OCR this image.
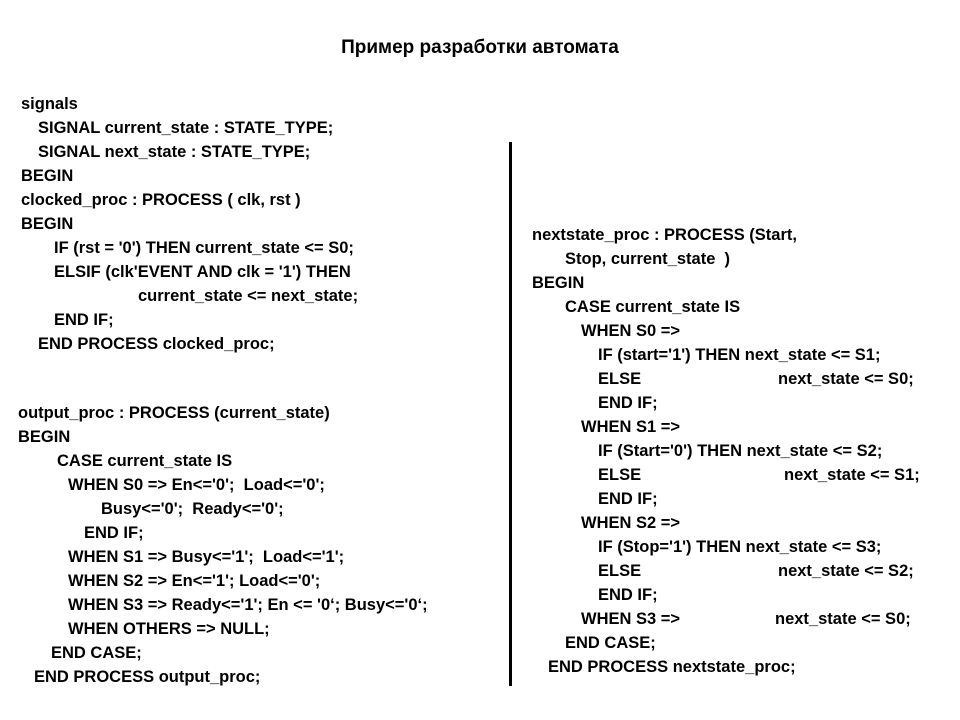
Пример разработки автомата
signals
SIGNAL current_state : STATE_TYPE;
SIGNAL next_state : STATE_TYPE;
BEGIN
clocked_proc : PROCESS ( clk, rst )
BEGIN
IF (rst = '0') THEN current_state <= S0;
ELSIF (clk'EVENT AND clk = '1') THEN
current_state <= next_state;
END IF;
END PROCESS clocked_proc;
output_proc : PROCESS (current_state)
BEGIN
CASE current_state IS
WHEN S0 => En<='0';  Load<='0';
Busy<='0';  Ready<='0';
END IF;
WHEN S1 => Busy<='1';  Load<='1';
WHEN S2 => En<='1'; Load<='0';
WHEN S3 => Ready<='1'; En <= '0‘; Busy<='0‘;
WHEN OTHERS => NULL;
END CASE;
END PROCESS output_proc;
nextstate_proc : PROCESS (Start,
Stop, current_state  )
BEGIN
CASE current_state IS
WHEN S0 =>
IF (start='1') THEN next_state <= S1;
ELSE	next_state <= S0;
END IF;
WHEN S1 =>
IF (Start='0') THEN next_state <= S2;
ELSE	next_state <= S1;
END IF;
WHEN S2 =>
IF (Stop='1') THEN next_state <= S3;
ELSE	next_state <= S2;
END IF;
WHEN S3 =>	next_state <= S0;
END CASE;
END PROCESS nextstate_proc;
